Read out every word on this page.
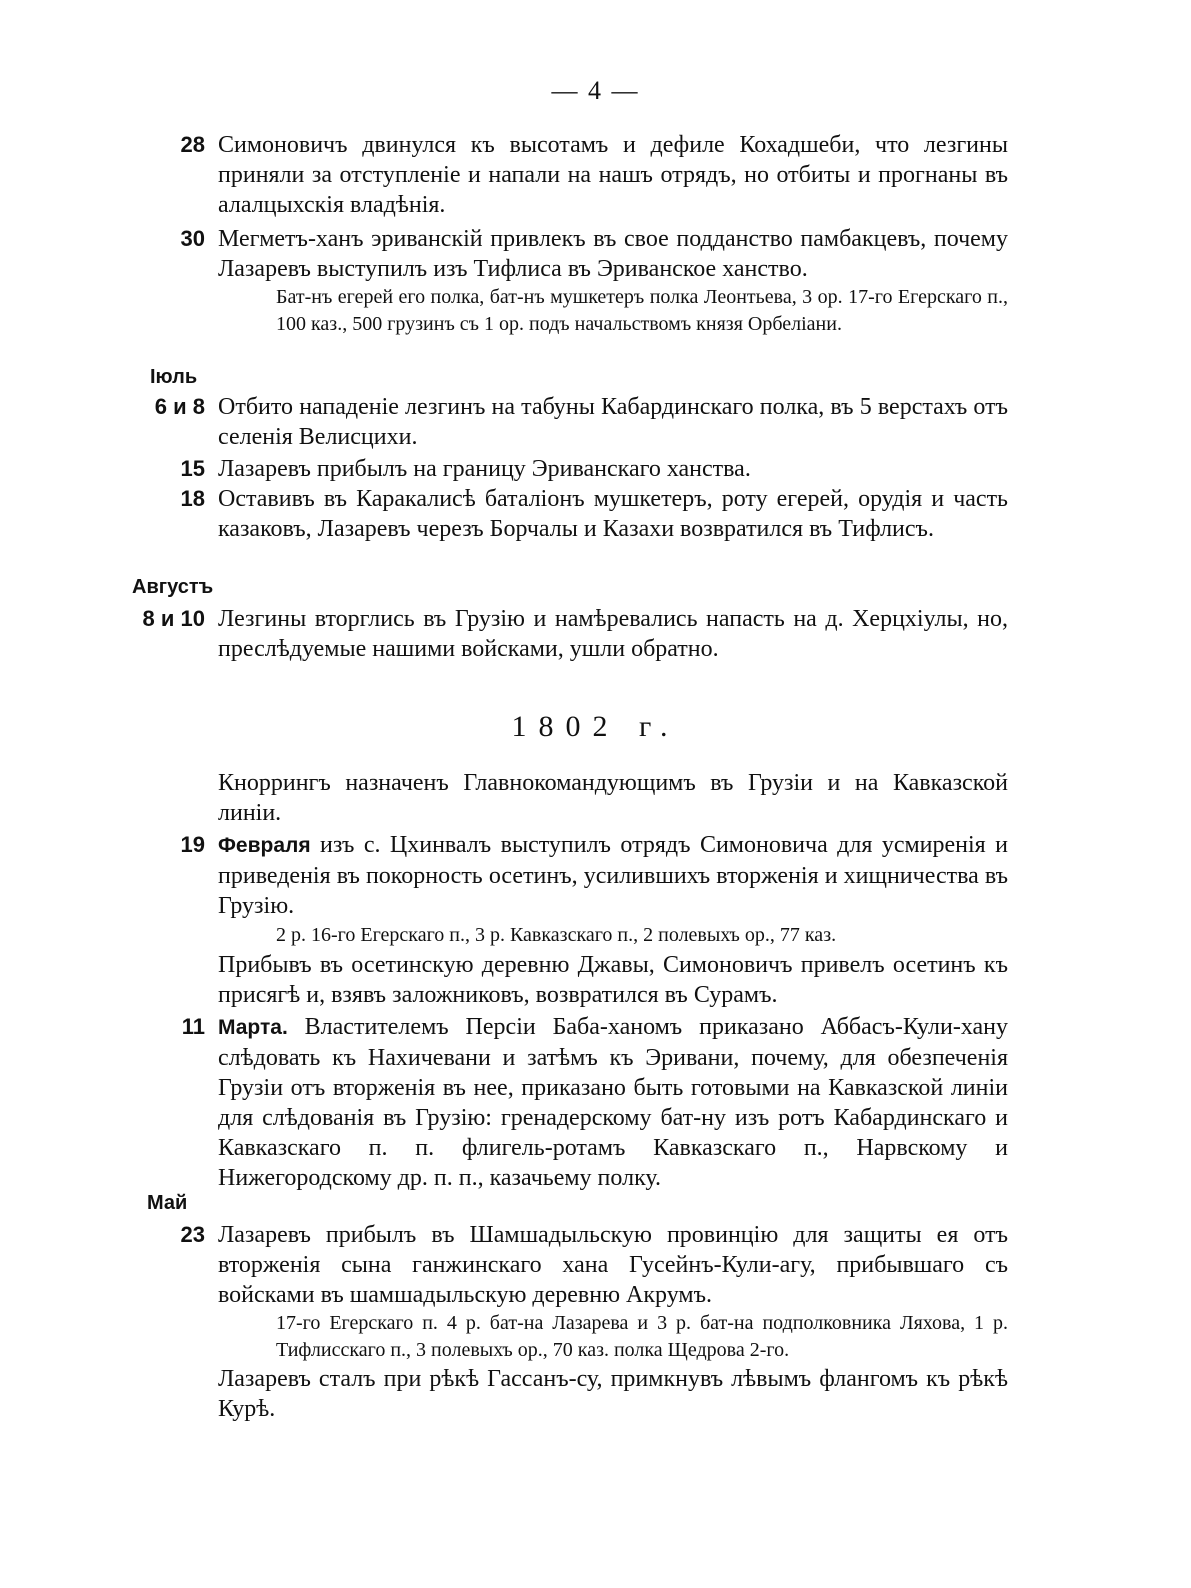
— 4 —
28 Симоновичъ двинулся къ высотамъ и дефиле Кохадшеби, что лезгины приняли за отступленіе и напали на нашъ отрядъ, но отбиты и прогнаны въ алалцыхскія владѣнія.
30 Мегметъ-ханъ эриванскій привлекъ въ свое подданство памбакцевъ, почему Лазаревъ выступилъ изъ Тифлиса въ Эриванское ханство.
Бат-нъ егерей его полка, бат-нъ мушкетеръ полка Леонтьева, 3 ор. 17-го Егерскаго п., 100 каз., 500 грузинъ съ 1 ор. подъ начальствомъ князя Орбеліани.
Іюль
6 и 8 Отбито нападеніе лезгинъ на табуны Кабардинскаго полка, въ 5 верстахъ отъ селенія Велисцихи.
15 Лазаревъ прибылъ на границу Эриванскаго ханства.
18 Оставивъ въ Каракалисѣ баталіонъ мушкетеръ, роту егерей, орудія и часть казаковъ, Лазаревъ черезъ Борчалы и Казахи возвратился въ Тифлисъ.
Августъ
8 и 10 Лезгины вторглись въ Грузію и намѣревались напасть на д. Херцхіулы, но, преслѣдуемые нашими войсками, ушли обратно.
1802 г.
Кноррингъ назначенъ Главнокомандующимъ въ Грузіи и на Кавказской линіи.
19 Февраля изъ с. Цхинвалъ выступилъ отрядъ Симоновича для усмиренія и приведенія въ покорность осетинъ, усилившихъ вторженія и хищничества въ Грузію.
2 р. 16-го Егерскаго п., 3 р. Кавказскаго п., 2 полевыхъ ор., 77 каз.
Прибывъ въ осетинскую деревню Джавы, Симоновичъ привелъ осетинъ къ присягѣ и, взявъ заложниковъ, возвратился въ Сурамъ.
11 Марта. Властителемъ Персіи Баба-ханомъ приказано Аббасъ-Кули-хану слѣдовать къ Нахичевани и затѣмъ къ Эривани, почему, для обезпеченія Грузіи отъ вторженія въ нее, приказано быть готовыми на Кавказской линіи для слѣдованія въ Грузію: гренадерскому бат-ну изъ ротъ Кабардинскаго и Кавказскаго п. п. флигель-ротамъ Кавказскаго п., Нарвскому и Нижегородскому др. п. п., казачьему полку.
Май
23 Лазаревъ прибылъ въ Шамшадыльскую провинцію для защиты ея отъ вторженія сына ганжинскаго хана Гусейнъ-Кули-агу, прибывшаго съ войсками въ шамшадыльскую деревню Акрумъ.
17-го Егерскаго п. 4 р. бат-на Лазарева и 3 р. бат-на подполковника Ляхова, 1 р. Тифлисскаго п., 3 полевыхъ ор., 70 каз. полка Щедрова 2-го.
Лазаревъ сталъ при рѣкѣ Гассанъ-су, примкнувъ лѣвымъ флангомъ къ рѣкѣ Курѣ.
